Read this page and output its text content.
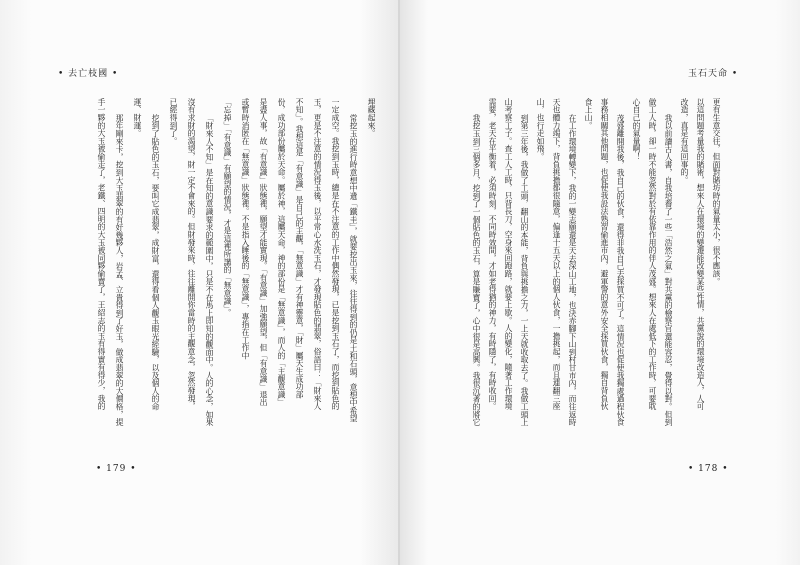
• 去亡枝國 •

埋藏起來。

常挖玉的進行時意想中遺「鐵圭」，就要挖出玉來，往往得到的仍是土和石頭，意想中希望

一定成空。我挖到玉時，總是在不注意的工作中偶然發現，已是挖到玉石了，而挖到貼色的

玉，更是不注意的情況得玉後，以平常心水洗玉石，才發現貼色的翡翠，俗語曰：「財來人

不知」。我想這是「有意識」是自己的主觀，「無意識」才有神靈意，「財」屬天生成功部

份，成功部份屬於天命。屬於神，這屬天命，神的部份是「無意識」，而人的「主觀意識」

是盡人事，故「有意識」狀態裡，願望才能實現。「有意識」加強願望，但「有意識」退出

或暫時消匿在「無意識」狀態裡。不是指入睡後的「無意識」，專指在工作中

「忘掉」「有意識」有願望的情況，才是這裡所講的「無意識」。

「財來人不知」是在知的意識要求的範圍中，只是不在馬上即知的觀面中。人的心念，如果

沒有求財的渴望，財一定不會來的。但財發來時，往往離開你當時的主觀意念，忽然發現，

已經得到了。

挖到了貼色的玉石，要叫它成翡翠，成財富，還得看個人觀玉眼光經驗，以及個人的命

運、財運。

那年剛來卡，挖到大玉翡翠的有好幾夥人，岩孟、立貴得到了好玉，做成翡翠的大價格，提

手一夥的大玉被偷走了，老鐵、四明的大玉被同夥偷賣了，王紹志的玉有得實有得少，我的

• 179 •
玉石天命 •

更有生意交往，但面對賭坊時的氣量太小，很不應該。

以這問題考量我的賭術，想來人在環境的變遷能改變某些性情，共黨說的環境改造人，人可

改造，真是有這回事的。

我以前讀古人書，自我培養了一些「浩然之氣」對共黨的檢察官還能容忍，覺得以對。但到

做工人時，卻一時不能忽然對於有依靠作用的伴人茂盛。想來人在處低下的工作時，可要耽

心自己的氣量啊！

茂盛離開我後，我自己的伙食，還得非我自己去採買不可了。這情況也促使我獨處過程伙食

事務相關其他問題，也促使我設法熟習偷進市內，避軍警的意外安全採買伙食，獨自背負伙

食上山。

在工作環境轉變下，我的一變志願還是天去深山工地，也決赤腳下山到村甘市內，而往返時

天也體力竭下，背負挑擔都很隨意，偏逢十五天以上的個人伙食，一擔挑起，而且連翻三座

山，也行走如飛。

到第三年後，我做了工頭，翻山的本能，背負與挑擔之力，一上天就收取去了。我做工頭上

山考察工子。查工人工時，只背長刀，空身來回跑路，就要上歇。人的變化，隨著工作環境

需要，老天在平衡着，必須時刻，不同時效間，才如老得猶的神力，有時隱了，有時收回。

我挖玉到三個多月，挖到了一個貼色的玉石，算是賺寶了，心中很是高興。我很沉著的將它

• 178 •
